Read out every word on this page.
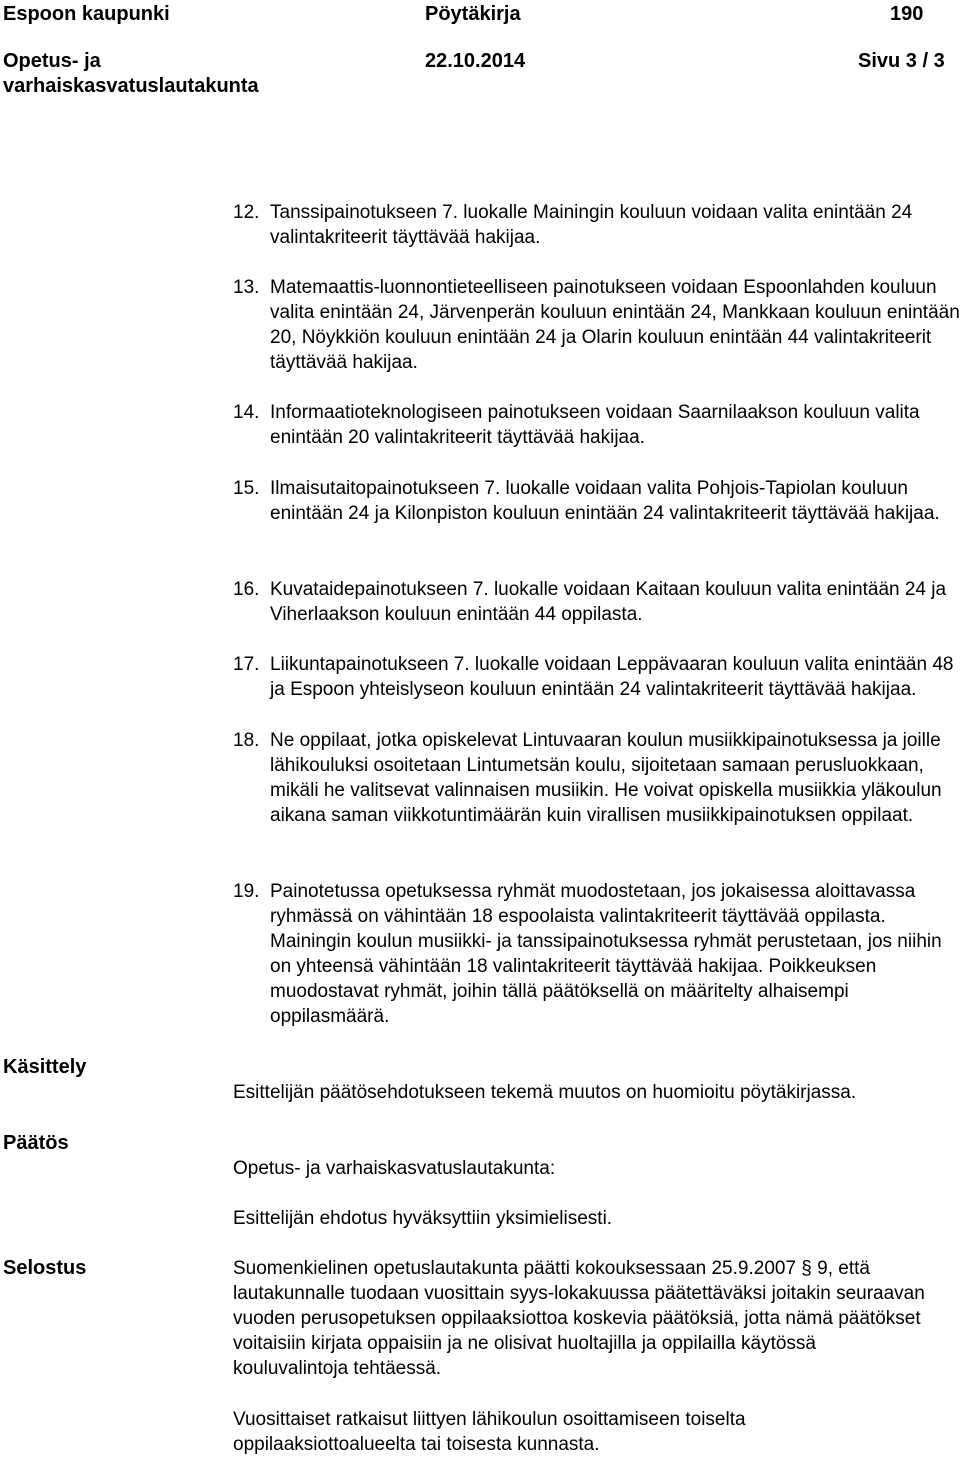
Espoon kaupunki	Pöytäkirja	190
Opetus- ja
varhaiskasvatuslautakunta
22.10.2014	Sivu 3 / 3
12. Tanssipainotukseen 7. luokalle Mainingin kouluun voidaan valita enintään 24 valintakriteerit täyttävää hakijaa.
13. Matemaattis-luonnontieteelliseen painotukseen voidaan Espoonlahden kouluun valita enintään 24, Järvenperän kouluun enintään 24, Mankkaan kouluun enintään 20, Nöykkiön kouluun enintään 24 ja Olarin kouluun enintään 44 valintakriteerit täyttävää hakijaa.
14. Informaatioteknologiseen painotukseen voidaan Saarnilaakson kouluun valita enintään 20 valintakriteerit täyttävää hakijaa.
15. Ilmaisutaitopainotukseen 7. luokalle voidaan valita Pohjois-Tapiolan kouluun enintään 24 ja Kilonpiston kouluun enintään 24 valintakriteerit täyttävää hakijaa.
16. Kuvataidepainotukseen 7. luokalle voidaan Kaitaan kouluun valita enintään 24 ja Viherlaakson kouluun enintään 44 oppilasta.
17. Liikuntapainotukseen 7. luokalle voidaan Leppävaaran kouluun valita enintään 48 ja Espoon yhteislyseon kouluun enintään 24 valintakriteerit täyttävää hakijaa.
18. Ne oppilaat, jotka opiskelevat Lintuvaaran koulun musiikkipainotuksessa ja joille lähikouluksi osoitetaan Lintumetsän koulu, sijoitetaan samaan perusluokkaan, mikäli he valitsevat valinnaisen musiikin. He voivat opiskella musiikkia yläkoulun aikana saman viikkotuntimäärän kuin virallisen musiikkipainotuksen oppilaat.
19. Painotetussa opetuksessa ryhmät muodostetaan, jos jokaisessa aloittavassa ryhmässä on vähintään 18 espoolaista valintakriteerit täyttävää oppilasta. Mainingin koulun musiikki- ja tanssipainotuksessa ryhmät perustetaan, jos niihin on yhteensä vähintään 18 valintakriteerit täyttävää hakijaa. Poikkeuksen muodostavat ryhmät, joihin tällä päätöksellä on määritelty alhaisempi oppilasmäärä.
Käsittely
Esittelijän päätösehdotukseen tekemä muutos on huomioitu pöytäkirjassa.
Päätös
Opetus- ja varhaiskasvatuslautakunta:
Esittelijän ehdotus hyväksyttiin yksimielisesti.
Selostus	Suomenkielinen opetuslautakunta päätti kokouksessaan 25.9.2007 § 9, että lautakunnalle tuodaan vuosittain syys-lokakuussa päätettäväksi joitakin seuraavan vuoden perusopetuksen oppilaaksiottoa koskevia päätöksiä, jotta nämä päätökset voitaisiin kirjata oppaisiin ja ne olisivat huoltajilla ja oppilailla käytössä kouluvalintoja tehtäessä.
Vuosittaiset ratkaisut liittyen lähikoulun osoittamiseen toiselta oppilaaksiottoalueelta tai toisesta kunnasta.
